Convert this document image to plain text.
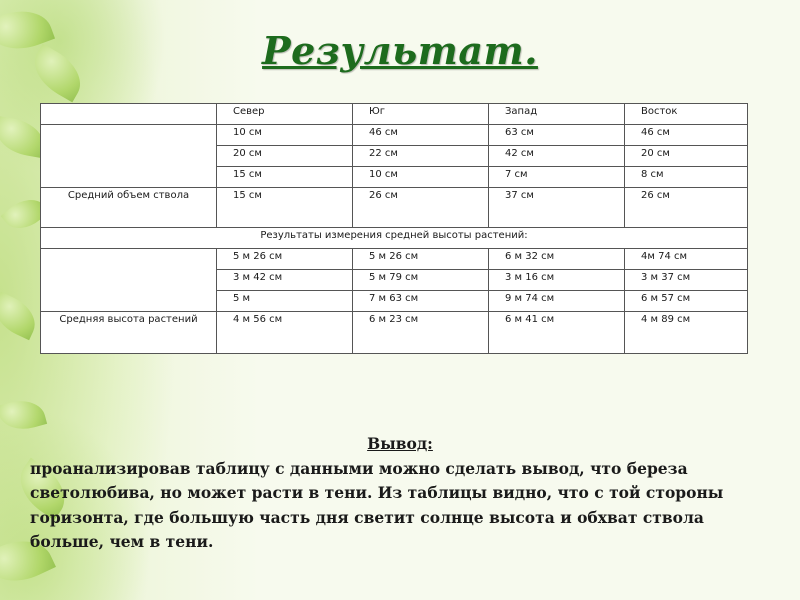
Результат.
	Север	Юг	Запад	Восток
	10 см	46 см	63 см	46 см
	20 см	22 см	42 см	20 см
	15 см	10 см	7 см	8 см
Средний объем ствола	15 см	26 см	37 см	26 см
Результаты измерения средней высоты растений:				
	5 м 26 см	5 м 26 см	6 м 32 см	4м 74 см
	3 м 42 см	5 м 79 см	3 м 16 см	3 м 37 см
	5 м	7 м 63 см	9 м 74 см	6 м 57 см
Средняя высота растений	4 м 56 см	6 м 23 см	6 м 41 см	4 м 89 см
Вывод:
проанализировав таблицу с данными можно сделать вывод, что береза светолюбива, но может расти в тени. Из таблицы видно, что с той стороны горизонта, где большую часть дня светит солнце высота и обхват ствола больше, чем в тени.
